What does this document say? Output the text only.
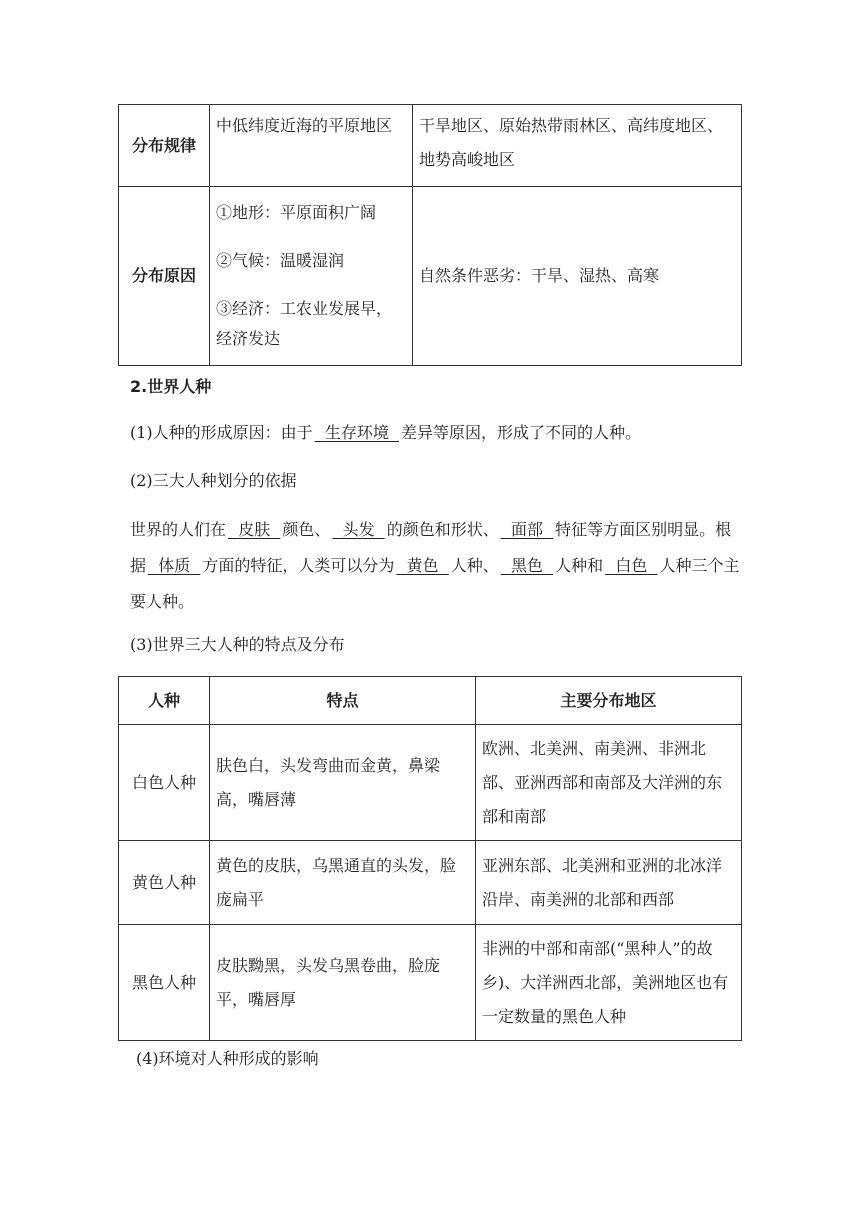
分布规律	中低纬度近海的平原地区	干旱地区、原始热带雨林区、高纬度地区、地势高峻地区
分布原因	①地形：平原面积广阔
②气候：温暖湿润
③经济：工农业发展早，经济发达	自然条件恶劣：干旱、湿热、高寒

2.世界人种

(1)人种的形成原因：由于 生存环境 差异等原因，形成了不同的人种。

(2)三大人种划分的依据

世界的人们在 皮肤 颜色、 头发 的颜色和形状、 面部 特征等方面区别明显。根据 体质 方面的特征，人类可以分为 黄色 人种、 黑色 人种和 白色 人种三个主要人种。

(3)世界三大人种的特点及分布

人种	特点	主要分布地区
白色人种	肤色白，头发弯曲而金黄，鼻梁高，嘴唇薄	欧洲、北美洲、南美洲、非洲北部、亚洲西部和南部及大洋洲的东部和南部
黄色人种	黄色的皮肤，乌黑通直的头发，脸庞扁平	亚洲东部、北美洲和亚洲的北冰洋沿岸、南美洲的北部和西部
黑色人种	皮肤黝黑，头发乌黑卷曲，脸庞平，嘴唇厚	非洲的中部和南部(“黑种人”的故乡)、大洋洲西北部，美洲地区也有一定数量的黑色人种

(4)环境对人种形成的影响
